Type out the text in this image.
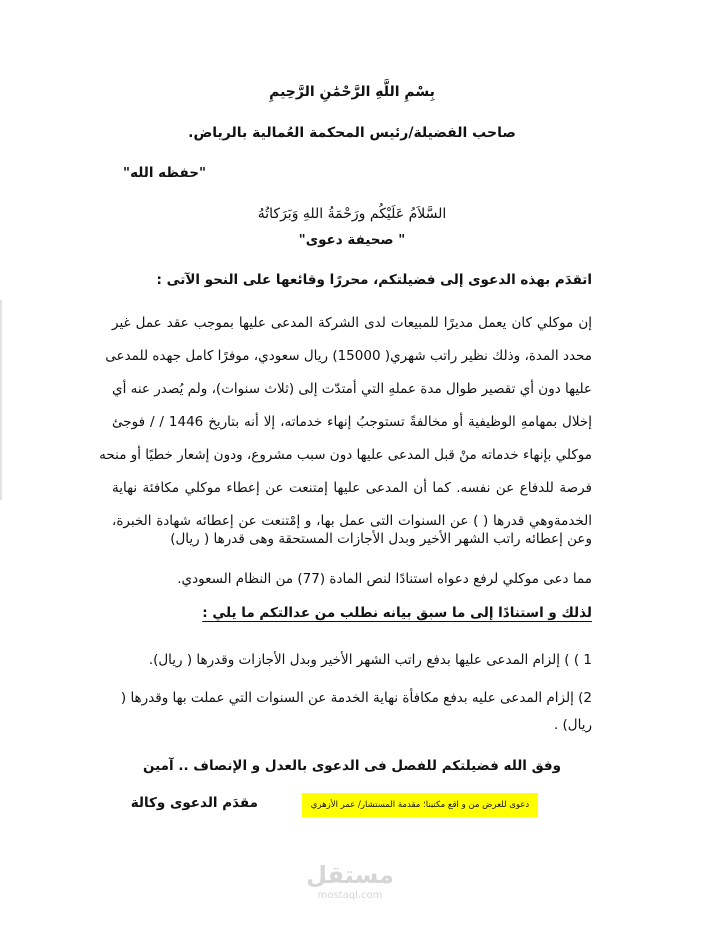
بِسْمِ اللَّهِ الرَّحْمَٰنِ الرَّحِيمِ
صاحب الفضيلة/رئيس المحكمة العُمالية بالرياض.
"حفظه الله"
السَّلاَمُ عَلَيْكُم ورَحْمَةُ اللهِ وَبَرَكاتُهُ
" صحيفة دعوى"
اتقدَم بهذه الدعوى إلى فضيلتكم، محررًا وقائعها على النحو الآتى :
إن موكلي كان يعمل مديرًا للمبيعات لدى الشركة المدعى عليها بموجب عقد عمل غير
محدد المدة، وذلك نظير راتب شهري( 15000) ريال سعودي، موفرًا كامل جهده للمدعى
عليها دون أي تقصير طوال مدة عملهِ التي أمتدّت إلى (ثلاث سنوات)، ولم يُصدر عنه أي
إخلال بمهامهِ الوظيفية أو مخالفةً تستوجبُ إنهاء خدماته، إلا أنه بتاريخ 1446 / / فوجئ
موكلي بإنهاء خدماته منْ قبل المدعى عليها دون سبب مشروع، ودون إشعار خطيًا أو منحه
فرصة للدفاع عن نفسه. كما أن المدعى عليها إمتنعت عن إعطاء موكلي مكافئة نهاية
الخدمةوهي قدرها ( ) عن السنوات التى عمل بها، و إمْتنعت عن إعطائه شهادة الخبرة،
وعن إعطائه راتب الشهر الأخير وبدل الأجازات المستحقة وهى قدرها ( ريال)
مما دعى موكلي لرفع دعواه استنادًا لنص المادة (77) من النظام السعودي.
لذلك و استنادًا إلى ما سبق بيانه نطلب من عدالتكم ما يلي :
1 ) ) إلزام المدعى عليها بدفع راتب الشهر الأخير وبدل الأجازات وقدرها ( ريال).
2) إلزام المدعى عليه بدفع مكافأة نهاية الخدمة عن السنوات التي عملت بها وقدرها (
ريال) .
وفق الله فضيلتكم للفصل فى الدعوى بالعدل و الإنصاف .. آمين
مقدَم الدعوى وكالة	دعوى للعرض من و اقع مكتبنا؛ مقدمة المستشار/ عمر الأزهري
مستقل
mostaql.com
